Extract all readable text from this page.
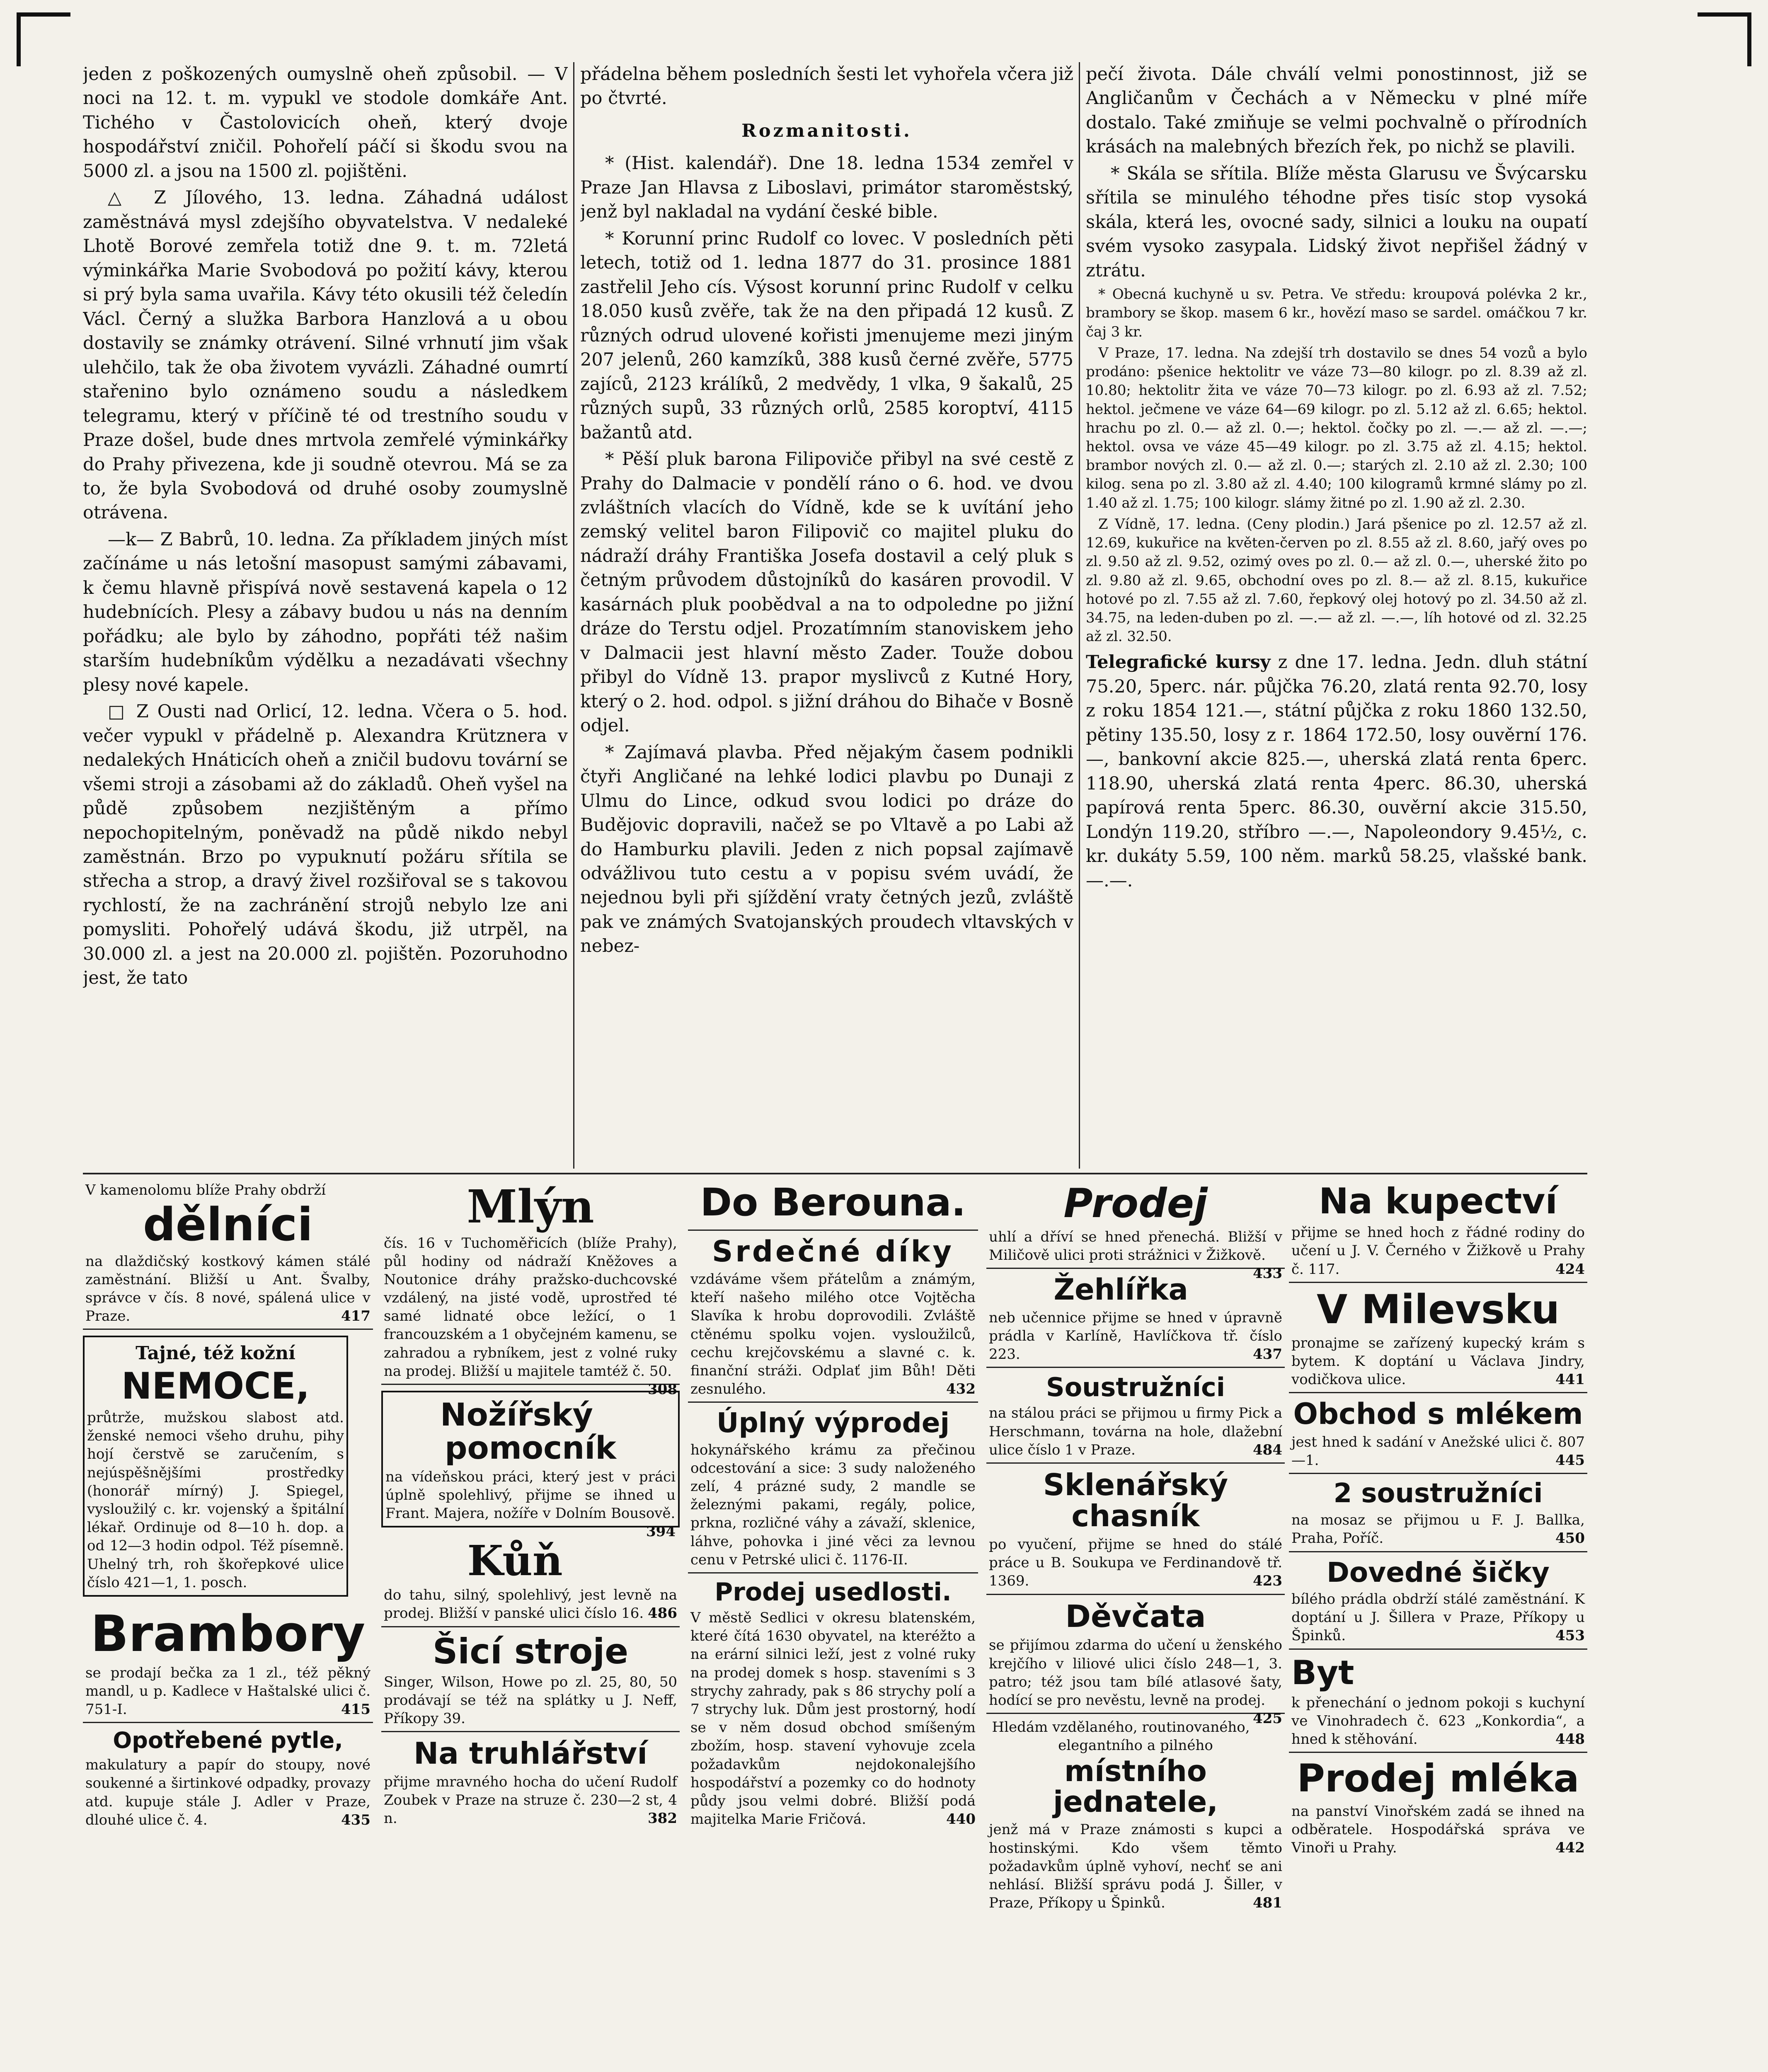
jeden z poškozených oumyslně oheň způsobil. — V noci na 12. t. m. vypukl ve stodole domkáře Ant. Tichého v Častolovicích oheň, který dvoje hospodářství zničil. Pohořelí páčí si škodu svou na 5000 zl. a jsou na 1500 zl. pojištěni.

△ Z Jílového, 13. ledna. Záhadná událost zaměstnává mysl zdejšího obyvatelstva. V nedaleké Lhotě Borové zemřela totiž dne 9. t. m. 72letá výminkářka Marie Svobodová po požití kávy, kterou si prý byla sama uvařila. Kávy této okusili též čeledín Václ. Černý a služka Barbora Hanzlová a u obou dostavily se známky otrávení. Silné vrhnutí jim však ulehčilo, tak že oba životem vyvázli. Záhadné oumrtí stařenino bylo oznámeno soudu a následkem telegramu, který v příčině té od trestního soudu v Praze došel, bude dnes mrtvola zemřelé výminkářky do Prahy přivezena, kde ji soudně otevrou. Má se za to, že byla Svobodová od druhé osoby zoumyslně otrávena.

—k— Z Babrů, 10. ledna. Za příkladem jiných míst začínáme u nás letošní masopust samými zábavami, k čemu hlavně přispívá nově sestavená kapela o 12 hudebnících. Plesy a zábavy budou u nás na denním pořádku; ale bylo by záhodno, popřáti též našim starším hudebníkům výdělku a nezadávati všechny plesy nové kapele.

□ Z Ousti nad Orlicí, 12. ledna. Včera o 5. hod. večer vypukl v přádelně p. Alexandra Krütznera v nedalekých Hnáticích oheň a zničil budovu tovární se všemi stroji a zásobami až do základů. Oheň vyšel na půdě způsobem nezjištěným a přímo nepochopitelným, poněvadž na půdě nikdo nebyl zaměstnán. Brzo po vypuknutí požáru sřítila se střecha a strop, a dravý živel rozšiřoval se s takovou rychlostí, že na zachránění strojů nebylo lze ani pomysliti. Pohořelý udává škodu, již utrpěl, na 30.000 zl. a jest na 20.000 zl. pojištěn. Pozoruhodno jest, že tato

přádelna během posledních šesti let vyhořela včera již po čtvrté.

Rozmanitosti.

* (Hist. kalendář). Dne 18. ledna 1534 zemřel v Praze Jan Hlavsa z Liboslavi, primátor staroměstský, jenž byl nakladal na vydání české bible.

* Korunní princ Rudolf co lovec. V posledních pěti letech, totiž od 1. ledna 1877 do 31. prosince 1881 zastřelil Jeho cís. Výsost korunní princ Rudolf v celku 18.050 kusů zvěře, tak že na den připadá 12 kusů. Z různých odrud ulovené kořisti jmenujeme mezi jiným 207 jelenů, 260 kamzíků, 388 kusů černé zvěře, 5775 zajíců, 2123 králíků, 2 medvědy, 1 vlka, 9 šakalů, 25 různých supů, 33 různých orlů, 2585 koroptví, 4115 bažantů atd.

* Pěší pluk barona Filipoviče přibyl na své cestě z Prahy do Dalmacie v pondělí ráno o 6. hod. ve dvou zvláštních vlacích do Vídně, kde se k uvítání jeho zemský velitel baron Filipovič co majitel pluku do nádraží dráhy Františka Josefa dostavil a celý pluk s četným průvodem důstojníků do kasáren provodil. V kasárnách pluk poobědval a na to odpoledne po jižní dráze do Terstu odjel. Prozatímním stanoviskem jeho v Dalmacii jest hlavní město Zader. Touže dobou přibyl do Vídně 13. prapor myslivců z Kutné Hory, který o 2. hod. odpol. s jižní dráhou do Bihače v Bosně odjel.

* Zajímavá plavba. Před nějakým časem podnikli čtyři Angličané na lehké lodici plavbu po Dunaji z Ulmu do Lince, odkud svou lodici po dráze do Budějovic dopravili, načež se po Vltavě a po Labi až do Hamburku plavili. Jeden z nich popsal zajímavě odvážlivou tuto cestu a v popisu svém uvádí, že nejednou byli při sjíždění vraty četných jezů, zvláště pak ve známých Svatojanských proudech vltavských v nebez-

pečí života. Dále chválí velmi ponostinnost, již se Angličanům v Čechách a v Německu v plné míře dostalo. Také zmiňuje se velmi pochvalně o přírodních krásách na malebných březích řek, po nichž se plavili.

* Skála se sřítila. Blíže města Glarusu ve Švýcarsku sřítila se minulého téhodne přes tisíc stop vysoká skála, která les, ovocné sady, silnici a louku na oupatí svém vysoko zasypala. Lidský život nepřišel žádný v ztrátu.

* Obecná kuchyně u sv. Petra. Ve středu: kroupová polévka 2 kr., brambory se škop. masem 6 kr., hovězí maso se sardel. omáčkou 7 kr. čaj 3 kr.

V Praze, 17. ledna. Na zdejší trh dostavilo se dnes 54 vozů a bylo prodáno: pšenice hektolitr ve váze 73—80 kilogr. po zl. 8.39 až zl. 10.80; hektolitr žita ve váze 70—73 kilogr. po zl. 6.93 až zl. 7.52; hektol. ječmene ve váze 64—69 kilogr. po zl. 5.12 až zl. 6.65; hektol. hrachu po zl. 0.— až zl. 0.—; hektol. čočky po zl. —.— až zl. —.—; hektol. ovsa ve váze 45—49 kilogr. po zl. 3.75 až zl. 4.15; hektol. brambor nových zl. 0.— až zl. 0.—; starých zl. 2.10 až zl. 2.30; 100 kilog. sena po zl. 3.80 až zl. 4.40; 100 kilogramů krmné slámy po zl. 1.40 až zl. 1.75; 100 kilogr. slámy žitné po zl. 1.90 až zl. 2.30.

Z Vídně, 17. ledna. (Ceny plodin.) Jará pšenice po zl. 12.57 až zl. 12.69, kukuřice na květen-červen po zl. 8.55 až zl. 8.60, jařý oves po zl. 9.50 až zl. 9.52, ozimý oves po zl. 0.— až zl. 0.—, uherské žito po zl. 9.80 až zl. 9.65, obchodní oves po zl. 8.— až zl. 8.15, kukuřice hotové po zl. 7.55 až zl. 7.60, řepkový olej hotový po zl. 34.50 až zl. 34.75, na leden-duben po zl. —.— až zl. —.—, líh hotové od zl. 32.25 až zl. 32.50.

Telegrafické kursy z dne 17. ledna. Jedn. dluh státní 75.20, 5perc. nár. půjčka 76.20, zlatá renta 92.70, losy z roku 1854 121.—, státní půjčka z roku 1860 132.50, pětiny 135.50, losy z r. 1864 172.50, losy ouvěrní 176.—, bankovní akcie 825.—, uherská zlatá renta 6perc. 118.90, uherská zlatá renta 4perc. 86.30, uherská papírová renta 5perc. 86.30, ouvěrní akcie 315.50, Londýn 119.20, stříbro —.—, Napoleondory 9.45½, c. kr. dukáty 5.59, 100 něm. marků 58.25, vlašské bank. —.—.

V kamenolomu blíže Prahy obdrží
dělníci
na dlaždičský kostkový kámen stálé zaměstnání. Bližší u Ant. Švalby, správce v čís. 8 nové, spálená ulice v Praze.	417
Tajné, též kožní
NEMOCE,
průtrže, mužskou slabost atd. ženské nemoci všeho druhu, pihy hojí čerstvě se zaručením, s nejúspěšnějšími prostředky (honorář mírný) J. Spiegel, vysloužilý c. kr. vojenský a špitální lékař. Ordinuje od 8—10 h. dop. a od 12—3 hodin odpol. Též písemně. Uhelný trh, roh škořepkové ulice číslo 421—1, 1. posch.
Brambory
se prodají bečka za 1 zl., též pěkný mandl, u p. Kadlece v Haštalské ulici č. 751-I.	415
Opotřebené pytle,
makulatury a papír do stoupy, nové soukenné a širtinkové odpadky, provazy atd. kupuje stále J. Adler v Praze, dlouhé ulice č. 4.	435
Mlýn
čís. 16 v Tuchoměřicích (blíže Prahy), půl hodiny od nádraží Kněžoves a Noutonice dráhy pražsko-duchcovské vzdálený, na jisté vodě, uprostřed té samé lidnaté obce ležící, o 1 francouzském a 1 obyčejném kamenu, se zahradou a rybníkem, jest z volné ruky na prodej. Bližší u majitele tamtéž č. 50.
308
Nožířský pomocník
na vídeňskou práci, který jest v práci úplně spolehlivý, přijme se ihned u Frant. Majera, nožíře v Dolním Bousově.
394
Kůň
do tahu, silný, spolehlivý, jest levně na prodej. Bližší v panské ulici číslo 16. 486
Šicí stroje
Singer, Wilson, Howe po zl. 25, 80, 50 prodávají se též na splátky u J. Neff, Příkopy 39.
Na truhlářství
přijme mravného hocha do učení Rudolf Zoubek v Praze na struze č. 230—2 st, 4 n.	382
Do Berouna.
Srdečné díky
vzdáváme všem přátelům a známým, kteří našeho milého otce Vojtěcha Slavíka k hrobu doprovodili. Zvláště ctěnému spolku vojen. vysloužilců, cechu krejčovskému a slavné c. k. finanční stráži. Odplať jim Bůh! Děti zesnulého.	432
Úplný výprodej
hokynářského krámu za přečinou odcestování a sice: 3 sudy naloženého zelí, 4 prázné sudy, 2 mandle se železnými pakami, regály, police, prkna, rozličné váhy a závaží, sklenice, láhve, pohovka i jiné věci za levnou cenu v Petrské ulici č. 1176-II.
Prodej usedlosti.
V městě Sedlici v okresu blatenském, které čítá 1630 obyvatel, na kteréžto a na erární silnici leží, jest z volné ruky na prodej domek s hosp. staveními s 3 strychy zahrady, pak s 86 strychy polí a 7 strychy luk. Dům jest prostorný, hodí se v něm dosud obchod smíšeným zbožím, hosp. stavení vyhovuje zcela požadavkům nejdokonalejšího hospodářství a pozemky co do hodnoty půdy jsou velmi dobré. Bližší podá majitelka Marie Fričová.	440
Prodej
uhlí a dříví se hned přenechá. Bližší v Miličově ulici proti strážnici v Žižkově.
433
Žehlířka
neb učennice přijme se hned v úpravně prádla v Karlíně, Havlíčkova tř. číslo 223.	437
Soustružníci
na stálou práci se přijmou u firmy Pick a Herschmann, továrna na hole, dlažební ulice číslo 1 v Praze.	484
Sklenářský chasník
po vyučení, přijme se hned do stálé práce u B. Soukupa ve Ferdinandově tř. 1369.	423
Děvčata
se přijímou zdarma do učení u ženského krejčího v liliové ulici číslo 248—1, 3. patro; též jsou tam bílé atlasové šaty, hodící se pro nevěstu, levně na prodej.
425
Hledám vzdělaného, routinovaného, elegantního a pilného
místního jednatele,
jenž má v Praze známosti s kupci a hostinskými. Kdo všem těmto požadavkům úplně vyhoví, nechť se ani nehlásí. Bližší správu podá J. Šiller, v Praze, Příkopy u Špinků.	481
Na kupectví
přijme se hned hoch z řádné rodiny do učení u J. V. Černého v Žižkově u Prahy č. 117.	424
V Milevsku
pronajme se zařízený kupecký krám s bytem. K doptání u Václava Jindry, vodičkova ulice.	441
Obchod s mlékem
jest hned k sadání v Anežské ulici č. 807—1.	445
2 soustružníci
na mosaz se přijmou u F. J. Ballka, Praha, Poříč.	450
Dovedné šičky
bílého prádla obdrží stálé zaměstnání. K doptání u J. Šillera v Praze, Příkopy u Špinků.	453
Byt
k přenechání o jednom pokoji s kuchyní ve Vinohradech č. 623 „Konkordia“, a hned k stěhování.	448
Prodej mléka
na panství Vinořském zadá se ihned na odběratele. Hospodářská správa ve Vinoři u Prahy.	442
